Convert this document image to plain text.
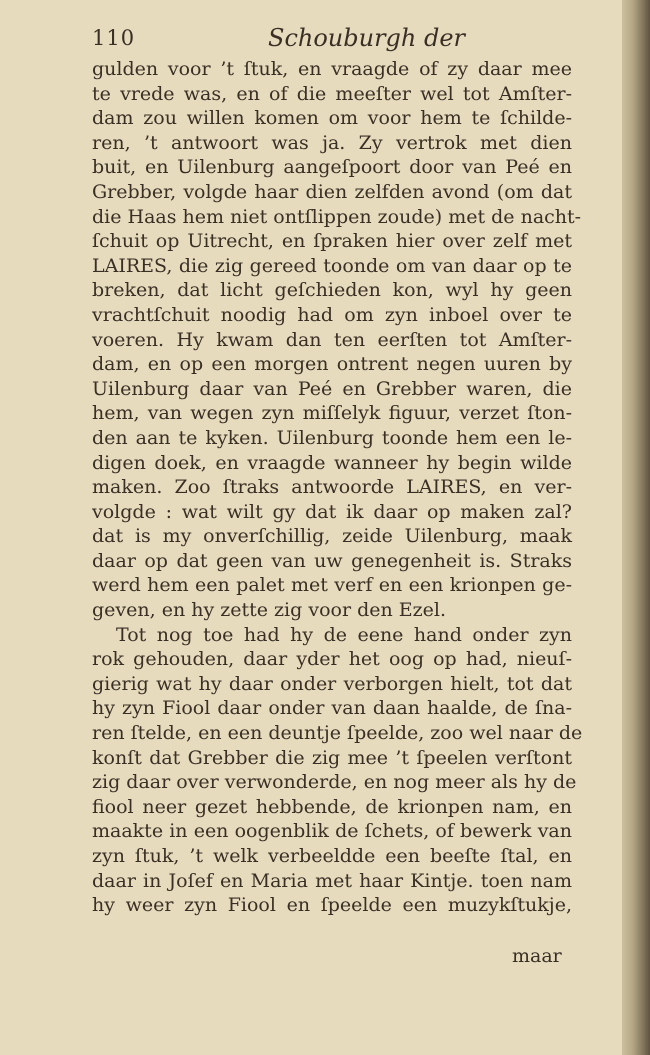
110	Schouburgh der
gulden voor ’t ſtuk, en vraagde of zy daar mee
te vrede was, en of die meeſter wel tot Amſter-
dam zou willen komen om voor hem te ſchilde-
ren, ’t antwoort was ja. Zy vertrok met dien
buit, en Uilenburg aangeſpoort door van Peé en
Grebber, volgde haar dien zelfden avond (om dat
die Haas hem niet ontſlippen zoude) met de nacht-
ſchuit op Uitrecht, en ſpraken hier over zelf met
LAIRES, die zig gereed toonde om van daar op te
breken, dat licht geſchieden kon, wyl hy geen
vrachtſchuit noodig had om zyn inboel over te
voeren. Hy kwam dan ten eerſten tot Amſter-
dam, en op een morgen ontrent negen uuren by
Uilenburg daar van Peé en Grebber waren, die
hem, van wegen zyn miſſelyk figuur, verzet ſton-
den aan te kyken. Uilenburg toonde hem een le-
digen doek, en vraagde wanneer hy begin wilde
maken. Zoo ſtraks antwoorde LAIRES, en ver-
volgde : wat wilt gy dat ik daar op maken zal?
dat is my onverſchillig, zeide Uilenburg, maak
daar op dat geen van uw genegenheit is. Straks
werd hem een palet met verf en een krionpen ge-
geven, en hy zette zig voor den Ezel.
Tot nog toe had hy de eene hand onder zyn
rok gehouden, daar yder het oog op had, nieuſ-
gierig wat hy daar onder verborgen hielt, tot dat
hy zyn Fiool daar onder van daan haalde, de ſna-
ren ſtelde, en een deuntje ſpeelde, zoo wel naar de
konſt dat Grebber die zig mee ’t ſpeelen verſtont
zig daar over verwonderde, en nog meer als hy de
fiool neer gezet hebbende, de krionpen nam, en
maakte in een oogenblik de ſchets, of bewerk van
zyn ſtuk, ’t welk verbeeldde een beeſte ſtal, en
daar in Joſef en Maria met haar Kintje. toen nam
hy weer zyn Fiool en ſpeelde een muzykſtukje,
maar
